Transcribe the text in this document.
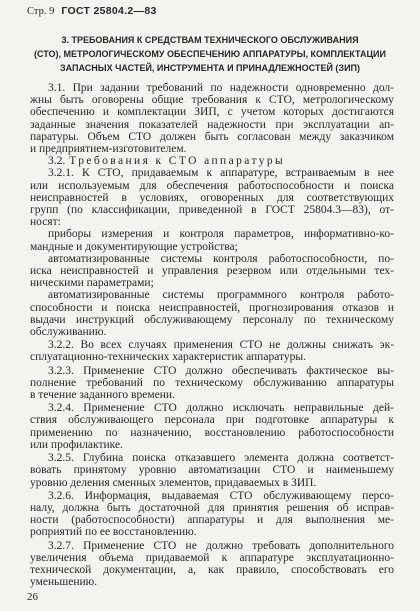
Стр. 9 ГОСТ 25804.2—83
3. ТРЕБОВАНИЯ К СРЕДСТВАМ ТЕХНИЧЕСКОГО ОБСЛУЖИВАНИЯ
(СТО), МЕТРОЛОГИЧЕСКОМУ ОБЕСПЕЧЕНИЮ АППАРАТУРЫ, КОМПЛЕКТАЦИИ
ЗАПАСНЫХ ЧАСТЕЙ, ИНСТРУМЕНТА И ПРИНАДЛЕЖНОСТЕЙ (ЗИП)
3.1. При задании требований по надежности одновременно дол-
жны быть оговорены общие требования к СТО, метрологическому
обеспечению и комплектации ЗИП, с учетом которых достигаются
заданные значения показателей надежности при эксплуатации ап-
паратуры. Объем СТО должен быть согласован между заказчиком
и предприятием-изготовителем.
3.2. Требования к СТО аппаратуры
3.2.1. К СТО, придаваемым к аппаратуре, встраиваемым в нее
или используемым для обеспечения работоспособности и поиска
неисправностей в условиях, оговоренных для соответствующих
групп (по классификации, приведенной в ГОСТ 25804.3—83), от-
носят:
приборы измерения и контроля параметров, информативно-ко-
мандные и документирующие устройства;
автоматизированные системы контроля работоспособности, по-
иска неисправностей и управления резервом или отдельными тех-
ническими параметрами;
автоматизированные системы программного контроля работо-
способности и поиска неисправностей, прогнозирования отказов и
выдачи инструкций обслуживающему персоналу по техническому
обслуживанию.
3.2.2. Во всех случаях применения СТО не должны снижать эк-
сплуатационно-технических характеристик аппаратуры.
3.2.3. Применение СТО должно обеспечивать фактическое вы-
полнение требований по техническому обслуживанию аппаратуры
в течение заданного времени.
3.2.4. Применение СТО должно исключать неправильные дей-
ствия обслуживающего персонала при подготовке аппаратуры к
применению по назначению, восстановлению работоспособности
или профилактике.
3.2.5. Глубина поиска отказавшего элемента должна соответст-
вовать принятому уровню автоматизации СТО и наименьшему
уровню деления сменных элементов, придаваемых в ЗИП.
3.2.6. Информация, выдаваемая СТО обслуживающему персо-
налу, должна быть достаточной для принятия решения об исправ-
ности (работоспособности) аппаратуры и для выполнения ме-
роприятий по ее восстановлению.
3.2.7. Применение СТО не должно требовать дополнительного
увеличения объема придаваемой к аппаратуре эксплуатационно-
технической документации, а, как правило, способствовать его
уменьшению.
26
